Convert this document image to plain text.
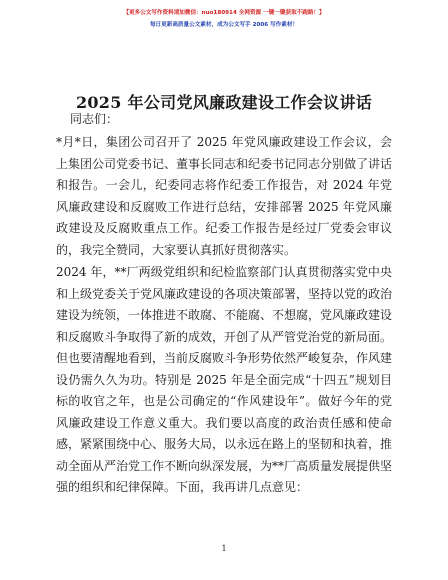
【更多公文写作资料请加微信：nuo180914 全网资源 一键一键获取不跑路！】
每日更新高质量公文素材，成为公文写手 2006 写作素材！
2025 年公司党风廉政建设工作会议讲话
同志们：

*月*日，集团公司召开了 2025 年党风廉政建设工作会议，会上集团公司党委书记、董事长同志和纪委书记同志分别做了讲话和报告。一会儿，纪委同志将作纪委工作报告，对 2024 年党风廉政建设和反腐败工作进行总结，安排部署 2025 年党风廉政建设及反腐败重点工作。纪委工作报告是经过厂党委会审议的，我完全赞同，大家要认真抓好贯彻落实。

2024 年，**厂两级党组织和纪检监察部门认真贯彻落实党中央和上级党委关于党风廉政建设的各项决策部署，坚持以党的政治建设为统领，一体推进不敢腐、不能腐、不想腐，党风廉政建设和反腐败斗争取得了新的成效，开创了从严管党治党的新局面。但也要清醒地看到，当前反腐败斗争形势依然严峻复杂，作风建设仍需久久为功。特别是 2025 年是全面完成“十四五”规划目标的收官之年，也是公司确定的“作风建设年”。做好今年的党风廉政建设工作意义重大。我们要以高度的政治责任感和使命感，紧紧围绕中心、服务大局，以永远在路上的坚韧和执着，推动全面从严治党工作不断向纵深发展，为**厂高质量发展提供坚强的组织和纪律保障。下面，我再讲几点意见：

1
